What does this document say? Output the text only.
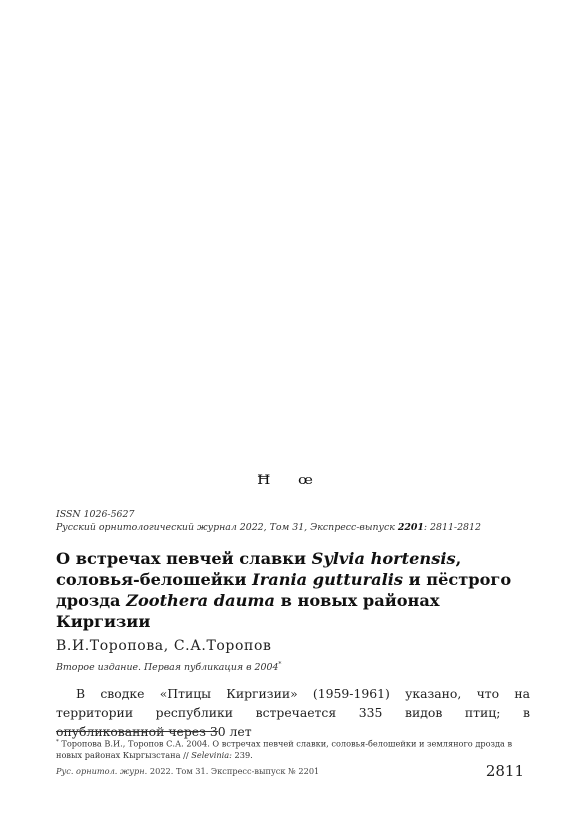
ꟸ ꟹ
ISSN 1026-5627
Русский орнитологический журнал 2022, Том 31, Экспресс-выпуск 2201: 2811-2812
О встречах певчей славки Sylvia hortensis, соловья-белошейки Irania gutturalis и пёстрого дрозда Zoothera dauma в новых районах Киргизии
В.И.Торопова, С.А.Торопов
Второе издание. Первая публикация в 2004*

В сводке «Птицы Киргизии» (1959-1961) указано, что на территории республики встречается 335 видов птиц; в опубликованной через 30 лет

* Торопова В.И., Торопов С.А. 2004. О встречах певчей славки, соловья-белошейки и земляного дрозда в новых районах Кыргызстана // Selevinia: 239.
Рус. орнитол. журн. 2022. Том 31. Экспресс-выпуск № 2201	2811
